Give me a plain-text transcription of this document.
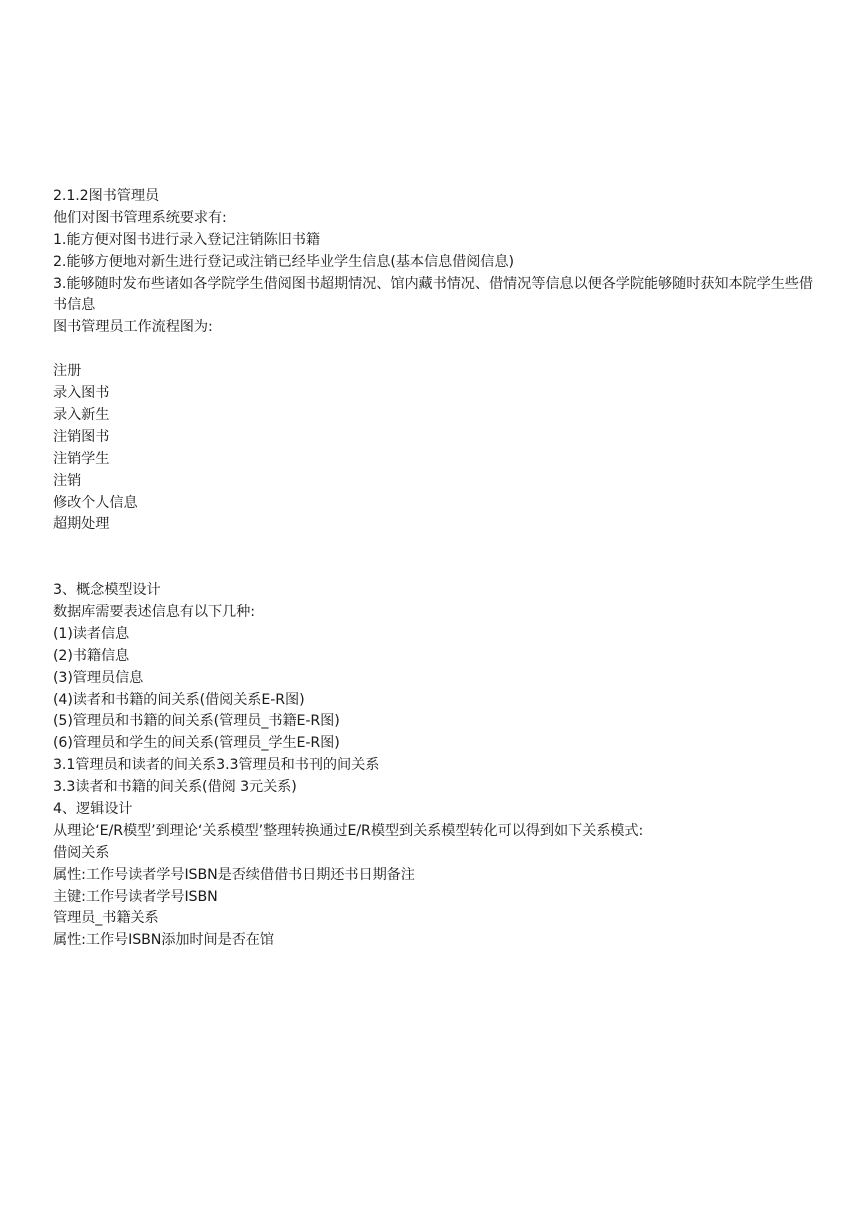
2.1.2图书管理员
他们对图书管理系统要求有:
1.能方便对图书进行录入登记注销陈旧书籍
2.能够方便地对新生进行登记或注销已经毕业学生信息(基本信息借阅信息)
3.能够随时发布些诸如各学院学生借阅图书超期情况、馆内藏书情况、借情况等信息以便各学院能够随时获知本院学生些借书信息
图书管理员工作流程图为:
注册
录入图书
录入新生
注销图书
注销学生
注销
修改个人信息
超期处理
3、概念模型设计
数据库需要表述信息有以下几种:
(1)读者信息
(2)书籍信息
(3)管理员信息
(4)读者和书籍的间关系(借阅关系E-R图)
(5)管理员和书籍的间关系(管理员_书籍E-R图)
(6)管理员和学生的间关系(管理员_学生E-R图)
3.1管理员和读者的间关系3.3管理员和书刊的间关系
3.3读者和书籍的间关系(借阅 3元关系)
4、逻辑设计
从理论‘E/R模型’到理论‘关系模型’整理转换通过E/R模型到关系模型转化可以得到如下关系模式:
借阅关系
属性:工作号读者学号ISBN是否续借借书日期还书日期备注
主键:工作号读者学号ISBN
管理员_书籍关系
属性:工作号ISBN添加时间是否在馆
